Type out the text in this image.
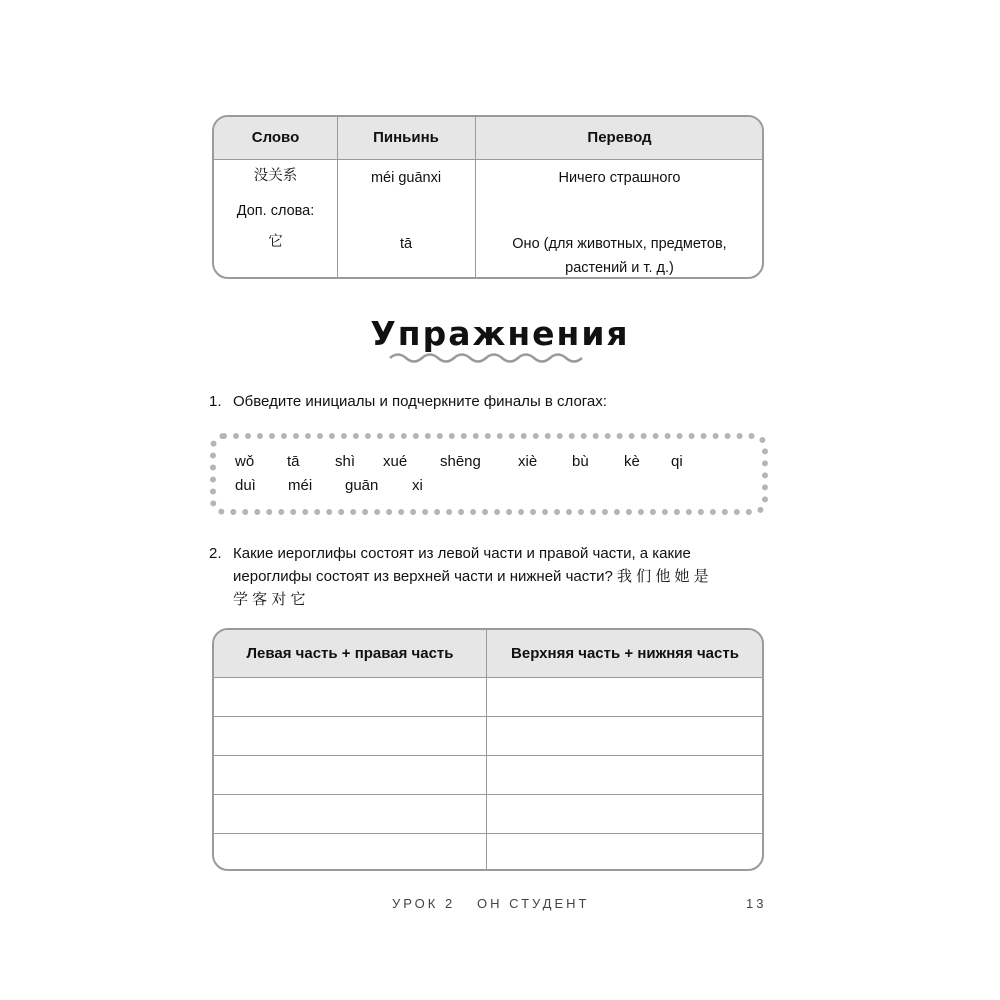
Слово	Пиньинь	Перевод
没关系	méi guānxi	Ничего страшного
Доп. слова:
它	tā	Оно (для животных, предметов,
растений и т. д.)
Упражнения
1. Обведите инициалы и подчеркните финалы в слогах:
wǒ tā shì xué shēng xiè bù kè qi
duì méi guān xi
2. Какие иероглифы состоят из левой части и правой части, а какие
иероглифы состоят из верхней части и нижней части? 我 们 他 她 是
学 客 对 它
Левая часть + правая часть	Верхняя часть + нижняя часть
УРОК 2 ОН СТУДЕНТ	13
